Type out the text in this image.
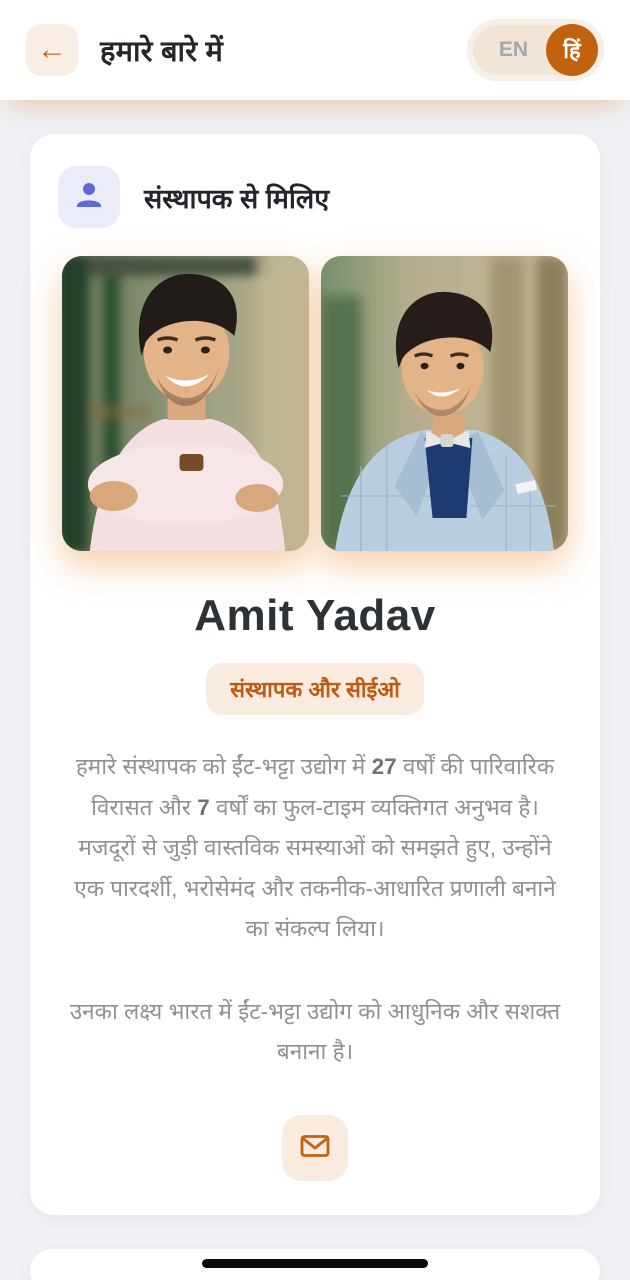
← हमारे बारे में	EN	हिं
संस्थापक से मिलिए
Amit Yadav
संस्थापक और सीईओ

हमारे संस्थापक को ईंट-भट्टा उद्योग में 27 वर्षों की पारिवारिक विरासत और 7 वर्षों का फुल-टाइम व्यक्तिगत अनुभव है। मजदूरों से जुड़ी वास्तविक समस्याओं को समझते हुए, उन्होंने एक पारदर्शी, भरोसेमंद और तकनीक-आधारित प्रणाली बनाने का संकल्प लिया।

उनका लक्ष्य भारत में ईंट-भट्टा उद्योग को आधुनिक और सशक्त बनाना है।
